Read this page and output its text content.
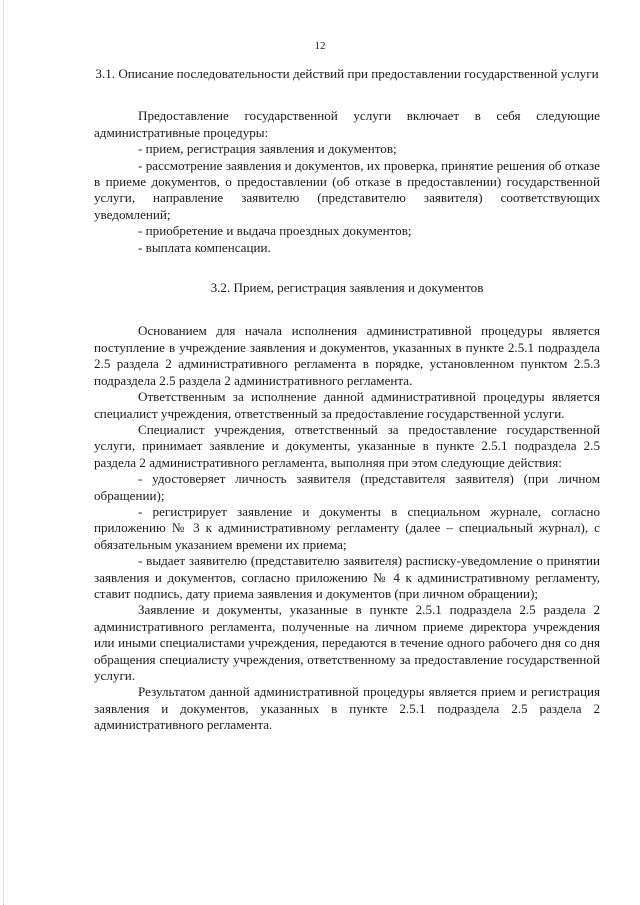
12

3.1. Описание последовательности действий при предоставлении государственной услуги

Предоставление государственной услуги включает в себя следующие административные процедуры:

- прием, регистрация заявления и документов;

- рассмотрение заявления и документов, их проверка, принятие решения об отказе в приеме документов, о предоставлении (об отказе в предоставлении) государственной услуги, направление заявителю (представителю заявителя) соответствующих уведомлений;

- приобретение и выдача проездных документов;

- выплата компенсации.

3.2. Прием, регистрация заявления и документов

Основанием для начала исполнения административной процедуры является поступление в учреждение заявления и документов, указанных в пункте 2.5.1 подраздела 2.5 раздела 2 административного регламента в порядке, установленном пунктом 2.5.3 подраздела 2.5 раздела 2 административного регламента.

Ответственным за исполнение данной административной процедуры является специалист учреждения, ответственный за предоставление государственной услуги.

Специалист учреждения, ответственный за предоставление государственной услуги, принимает заявление и документы, указанные в пункте 2.5.1 подраздела 2.5 раздела 2 административного регламента, выполняя при этом следующие действия:

- удостоверяет личность заявителя (представителя заявителя) (при личном обращении);

- регистрирует заявление и документы в специальном журнале, согласно приложению № 3 к административному регламенту (далее – специальный журнал), с обязательным указанием времени их приема;

- выдает заявителю (представителю заявителя) расписку-уведомление о принятии заявления и документов, согласно приложению № 4 к административному регламенту, ставит подпись, дату приема заявления и документов (при личном обращении);

Заявление и документы, указанные в пункте 2.5.1 подраздела 2.5 раздела 2 административного регламента, полученные на личном приеме директора учреждения или иными специалистами учреждения, передаются в течение одного рабочего дня со дня обращения специалисту учреждения, ответственному за предоставление государственной услуги.

Результатом данной административной процедуры является прием и регистрация заявления и документов, указанных в пункте 2.5.1 подраздела 2.5 раздела 2 административного регламента.
